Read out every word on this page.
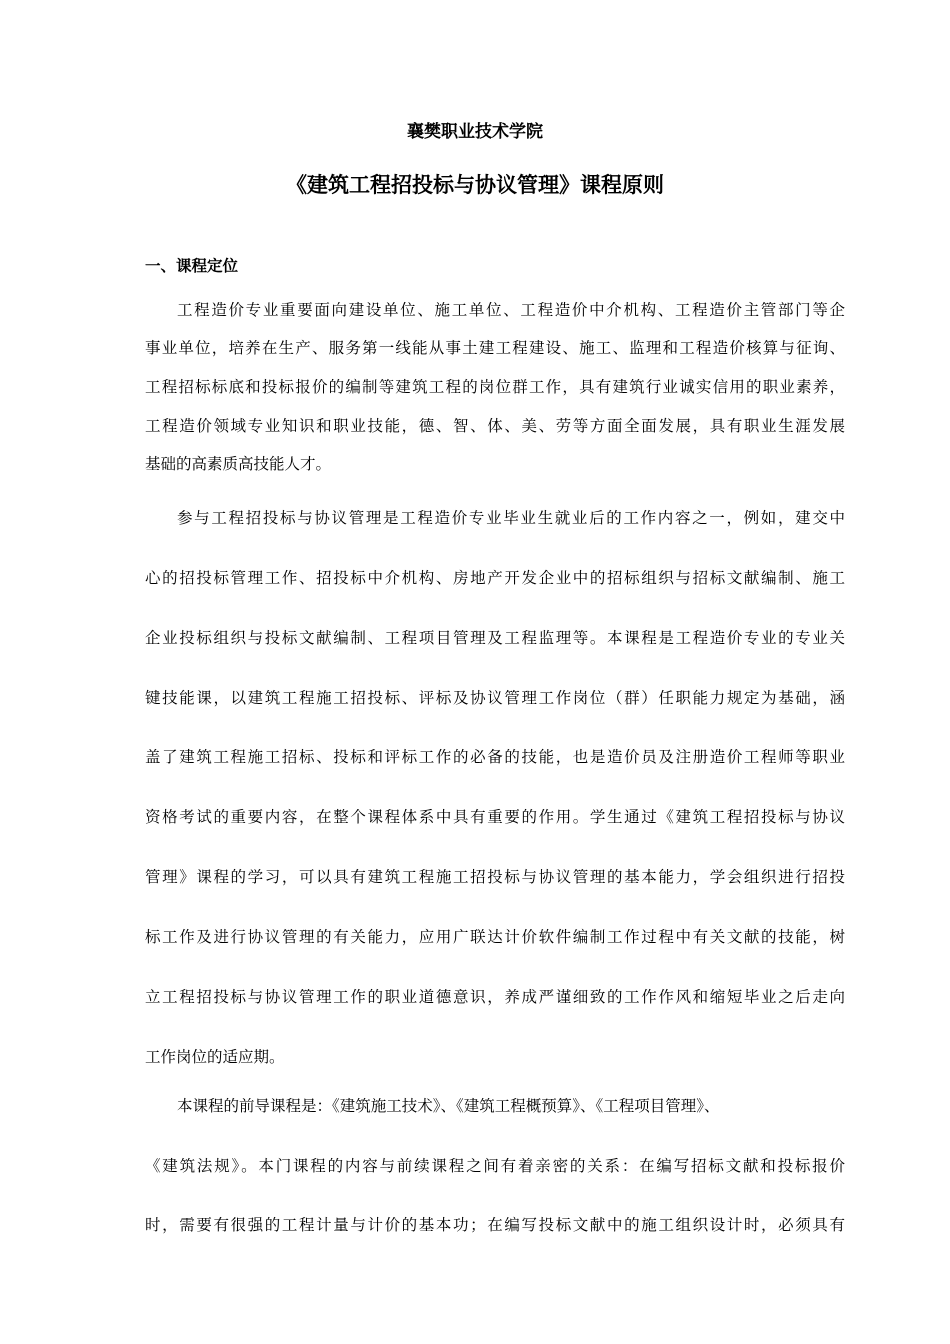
襄樊职业技术学院
《建筑工程招投标与协议管理》课程原则
一、课程定位
工程造价专业重要面向建设单位、施工单位、工程造价中介机构、工程造价主管部门等企
事业单位，培养在生产、服务第一线能从事土建工程建设、施工、监理和工程造价核算与征询、
工程招标标底和投标报价的编制等建筑工程的岗位群工作，具有建筑行业诚实信用的职业素养，
工程造价领域专业知识和职业技能，德、智、体、美、劳等方面全面发展，具有职业生涯发展
基础的高素质高技能人才。
参与工程招投标与协议管理是工程造价专业毕业生就业后的工作内容之一，例如，建交中
心的招投标管理工作、招投标中介机构、房地产开发企业中的招标组织与招标文献编制、施工
企业投标组织与投标文献编制、工程项目管理及工程监理等。本课程是工程造价专业的专业关
键技能课，以建筑工程施工招投标、评标及协议管理工作岗位（群）任职能力规定为基础，涵
盖了建筑工程施工招标、投标和评标工作的必备的技能，也是造价员及注册造价工程师等职业
资格考试的重要内容，在整个课程体系中具有重要的作用。学生通过《建筑工程招投标与协议
管理》课程的学习，可以具有建筑工程施工招投标与协议管理的基本能力，学会组织进行招投
标工作及进行协议管理的有关能力，应用广联达计价软件编制工作过程中有关文献的技能，树
立工程招投标与协议管理工作的职业道德意识，养成严谨细致的工作作风和缩短毕业之后走向
工作岗位的适应期。
本课程的前导课程是：《建筑施工技术》、《建筑工程概预算》、《工程项目管理》、
《建筑法规》。本门课程的内容与前续课程之间有着亲密的关系：在编写招标文献和投标报价
时，需要有很强的工程计量与计价的基本功；在编写投标文献中的施工组织设计时，必须具有
